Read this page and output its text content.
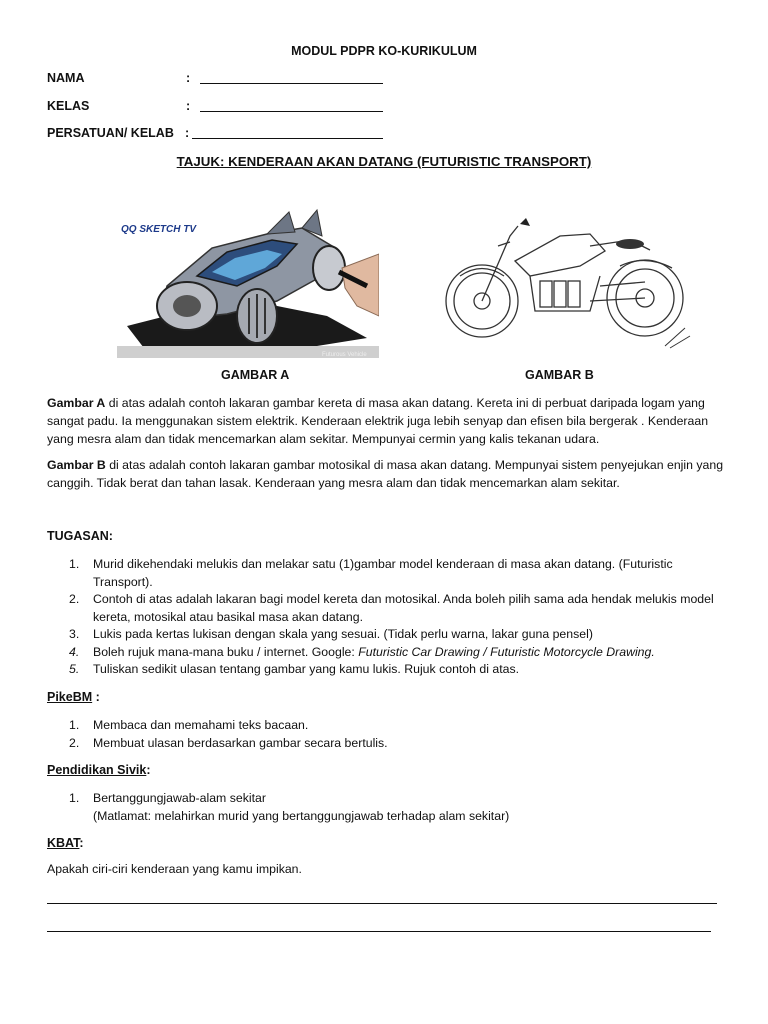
MODUL PDPR KO-KURIKULUM
NAMA	:
KELAS	:
PERSATUAN/ KELAB :
TAJUK: KENDERAAN AKAN DATANG (FUTURISTIC TRANSPORT)
QQ SKETCH TV
Futurous Vehicle
GAMBAR A	GAMBAR B

Gambar A di atas adalah contoh lakaran gambar kereta di masa akan datang. Kereta ini di perbuat daripada logam yang sangat padu. Ia menggunakan sistem elektrik. Kenderaan elektrik juga lebih senyap dan efisen bila bergerak . Kenderaan yang mesra alam dan tidak mencemarkan alam sekitar. Mempunyai cermin yang kalis tekanan udara.

Gambar B di atas adalah contoh lakaran gambar motosikal di masa akan datang. Mempunyai sistem penyejukan enjin yang canggih. Tidak berat dan tahan lasak. Kenderaan yang mesra alam dan tidak mencemarkan alam sekitar.

TUGASAN:
1. Murid dikehendaki melukis dan melakar satu (1)gambar model kenderaan di masa akan datang. (Futuristic Transport).
2. Contoh di atas adalah lakaran bagi model kereta dan motosikal. Anda boleh pilih sama ada hendak melukis model kereta, motosikal atau basikal masa akan datang.
3. Lukis pada kertas lukisan dengan skala yang sesuai. (Tidak perlu warna, lakar guna pensel)
4. Boleh rujuk mana-mana buku / internet. Google: Futuristic Car Drawing / Futuristic Motorcycle Drawing.
5. Tuliskan sedikit ulasan tentang gambar yang kamu lukis. Rujuk contoh di atas.
PikeBM :
1. Membaca dan memahami teks bacaan.
2. Membuat ulasan berdasarkan gambar secara bertulis.
Pendidikan Sivik:
1. Bertanggungjawab-alam sekitar
(Matlamat: melahirkan murid yang bertanggungjawab terhadap alam sekitar)
KBAT:
Apakah ciri-ciri kenderaan yang kamu impikan.
